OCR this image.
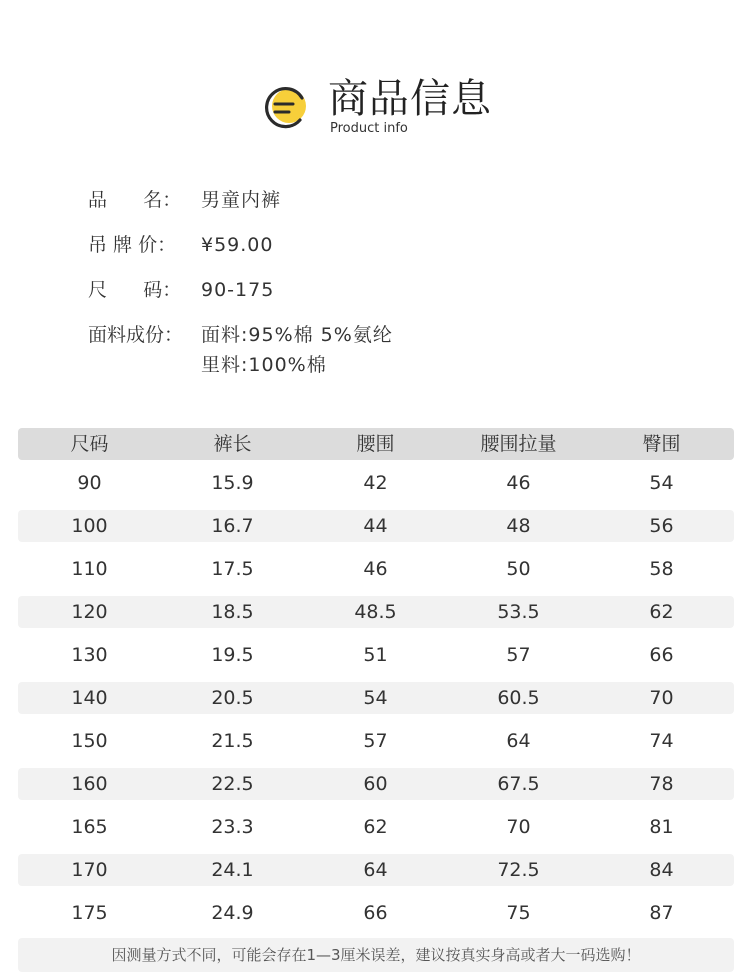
商品信息
Product info
品      名：	男童内裤
吊 牌 价：	¥59.00
尺      码：	90-175
面料成份： 面料:95%棉 5%氨纶
里料:100%棉
尺码	裤长	腰围	腰围拉量	臀围
90	15.9	42	46	54
100	16.7	44	48	56
110	17.5	46	50	58
120	18.5	48.5	53.5	62
130	19.5	51	57	66
140	20.5	54	60.5	70
150	21.5	57	64	74
160	22.5	60	67.5	78
165	23.3	62	70	81
170	24.1	64	72.5	84
175	24.9	66	75	87
因测量方式不同，可能会存在1—3厘米误差，建议按真实身高或者大一码选购！
